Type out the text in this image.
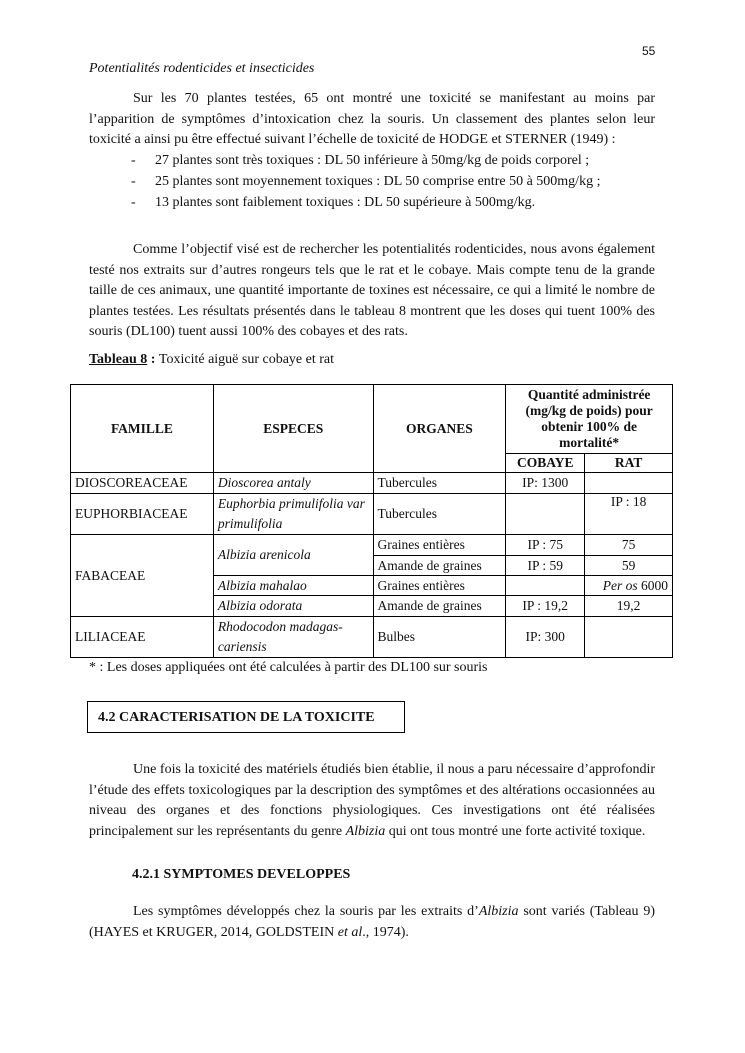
55
Potentialités rodenticides et insecticides

Sur les 70 plantes testées, 65 ont montré une toxicité se manifestant au moins par l’apparition de symptômes d’intoxication chez la souris. Un classement des plantes selon leur toxicité a ainsi pu être effectué suivant l’échelle de toxicité de HODGE et STERNER (1949) :

- 27 plantes sont très toxiques : DL 50 inférieure à 50mg/kg de poids corporel ;
- 25 plantes sont moyennement toxiques : DL 50 comprise entre 50 à 500mg/kg ;
- 13 plantes sont faiblement toxiques : DL 50 supérieure à 500mg/kg.

Comme l’objectif visé est de rechercher les potentialités rodenticides, nous avons également testé nos extraits sur d’autres rongeurs tels que le rat et le cobaye. Mais compte tenu de la grande taille de ces animaux, une quantité importante de toxines est nécessaire, ce qui a limité le nombre de plantes testées. Les résultats présentés dans le tableau 8 montrent que les doses qui tuent 100% des souris (DL100) tuent aussi 100% des cobayes et des rats.

Tableau 8 : Toxicité aiguë sur cobaye et rat
FAMILLE	ESPECES	ORGANES	Quantité administrée (mg/kg de poids) pour obtenir 100% de mortalité*	
			COBAYE	RAT
DIOSCOREACEAE	Dioscorea antaly	Tubercules	IP: 1300	
EUPHORBIACEAE	Euphorbia primulifolia var primulifolia	Tubercules		IP : 18
FABACEAE	Albizia arenicola	Graines entières	IP : 75	75
		Amande de graines	IP : 59	59
	Albizia mahalao	Graines entières		Per os 6000
	Albizia odorata	Amande de graines	IP : 19,2	19,2
LILIACEAE	Rhodocodon madagas-cariensis	Bulbes	IP: 300	
* : Les doses appliquées ont été calculées à partir des DL100 sur souris
4.2 CARACTERISATION DE LA TOXICITE

Une fois la toxicité des matériels étudiés bien établie, il nous a paru nécessaire d’approfondir l’étude des effets toxicologiques par la description des symptômes et des altérations occasionnées au niveau des organes et des fonctions physiologiques. Ces investigations ont été réalisées principalement sur les représentants du genre Albizia qui ont tous montré une forte activité toxique.

4.2.1 SYMPTOMES DEVELOPPES

Les symptômes développés chez la souris par les extraits d’Albizia sont variés (Tableau 9) (HAYES et KRUGER, 2014, GOLDSTEIN et al., 1974).
